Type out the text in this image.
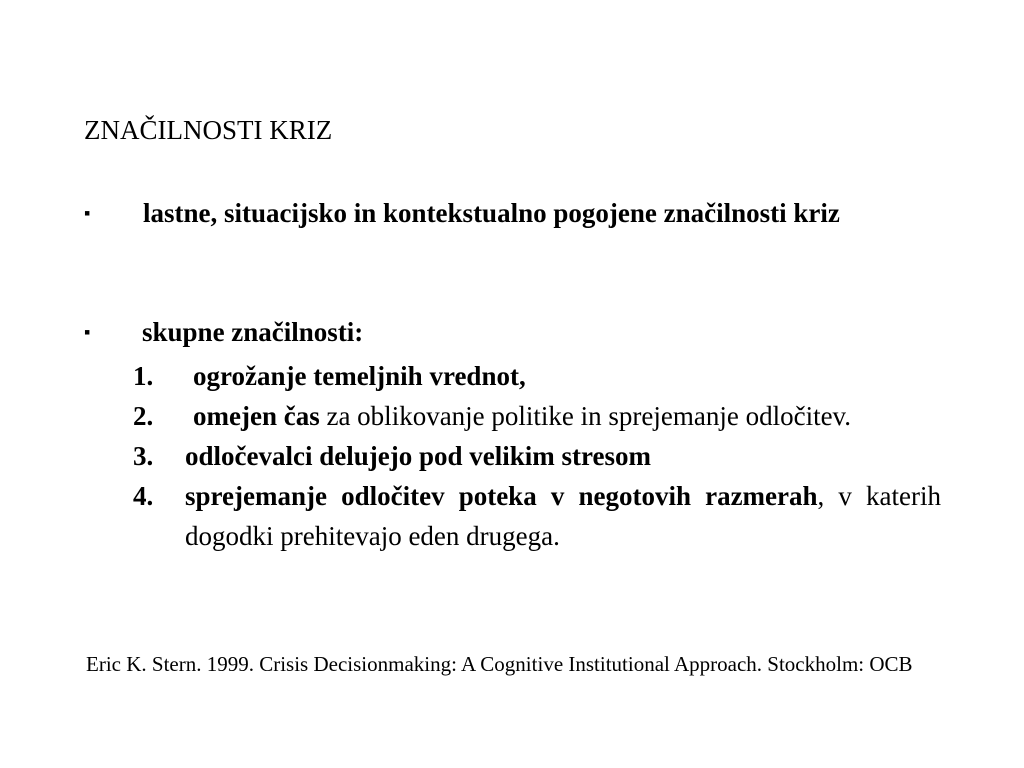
ZNAČILNOSTI KRIZ
▪ lastne, situacijsko in kontekstualno pogojene značilnosti kriz
▪ skupne značilnosti:

1. ogrožanje temeljnih vrednot,

2. omejen čas za oblikovanje politike in sprejemanje odločitev.

3. odločevalci delujejo pod velikim stresom

4. sprejemanje odločitev poteka v negotovih razmerah, v katerih dogodki prehitevajo eden drugega.

Eric K. Stern. 1999. Crisis Decisionmaking: A Cognitive Institutional Approach. Stockholm: OCB
